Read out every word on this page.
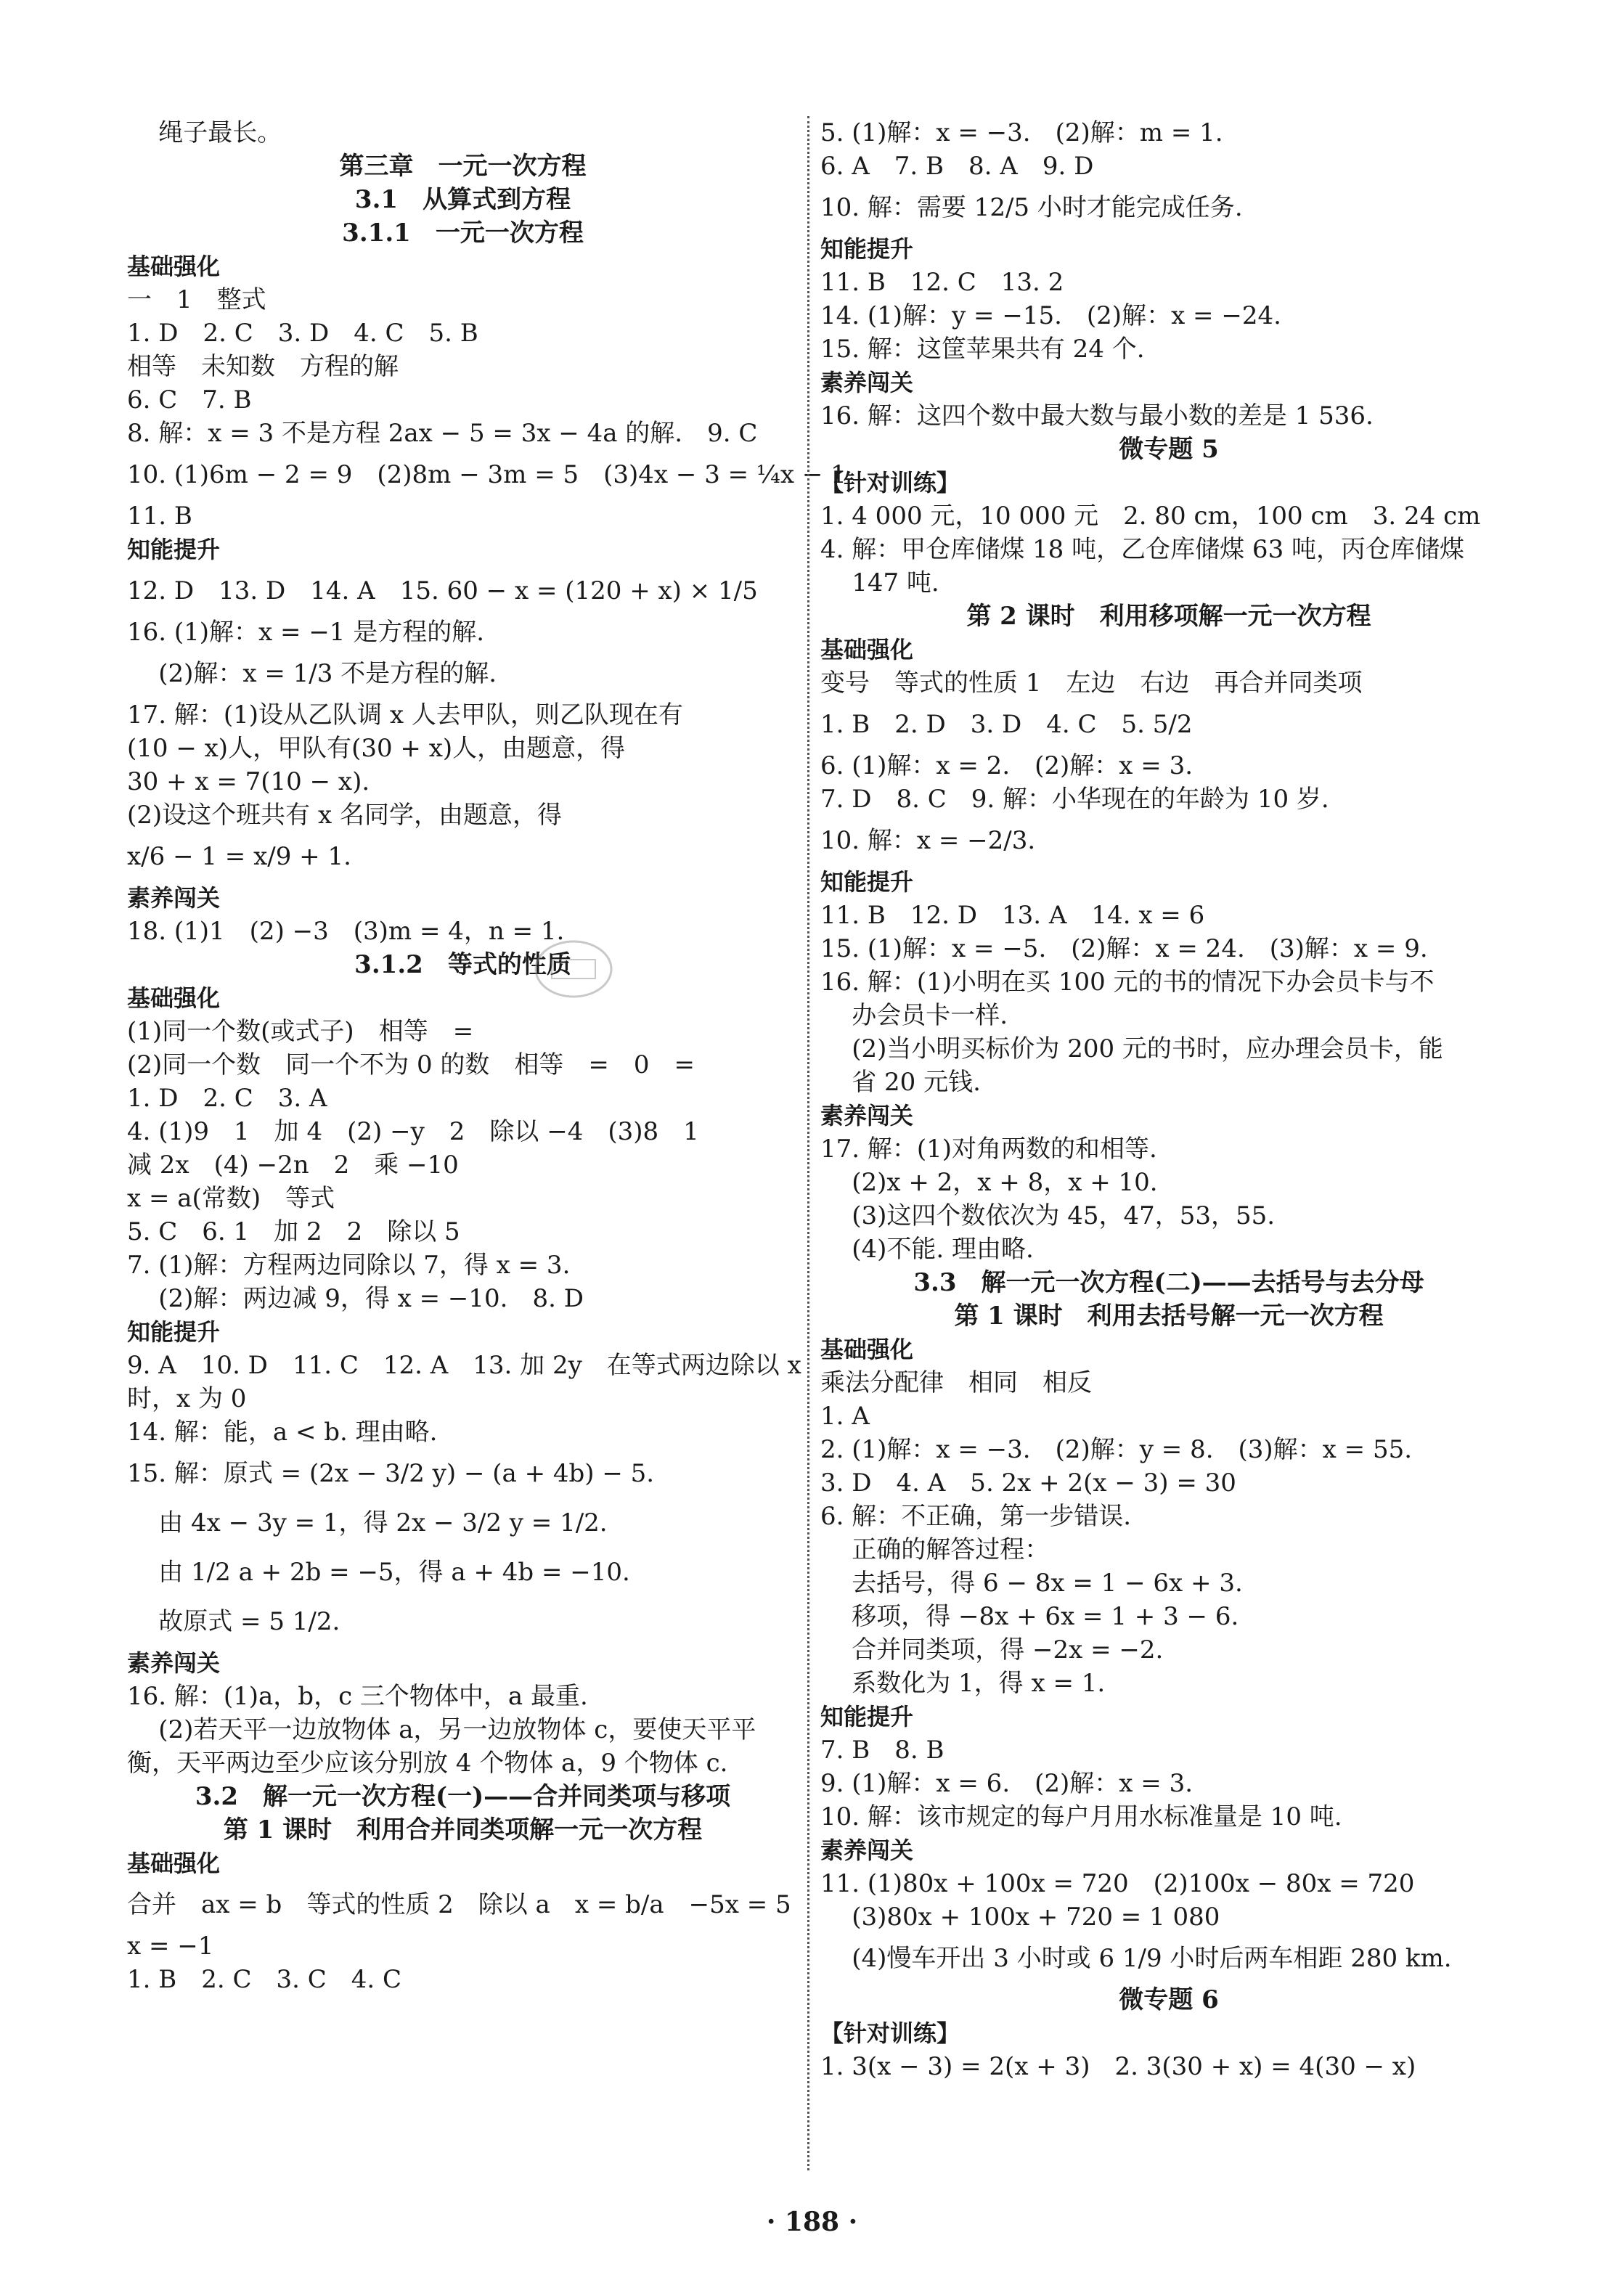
绳子最长。
第三章　一元一次方程
3.1　从算式到方程
3.1.1　一元一次方程
基础强化
一　1　整式
1. D　2. C　3. D　4. C　5. B
相等　未知数　方程的解
6. C　7. B
8. 解：x = 3 不是方程 2ax − 5 = 3x − 4a 的解.　9. C
10. (1)6m − 2 = 9　(2)8m − 3m = 5　(3)4x − 3 = ¼x − 1
11. B
知能提升
12. D　13. D　14. A　15. 60 − x = (120 + x) × 1/5
16. (1)解：x = −1 是方程的解.
(2)解：x = 1/3 不是方程的解.
17. 解：(1)设从乙队调 x 人去甲队，则乙队现在有
(10 − x)人，甲队有(30 + x)人，由题意，得
30 + x = 7(10 − x).
(2)设这个班共有 x 名同学，由题意，得
x/6 − 1 = x/9 + 1.
素养闯关
18. (1)1　(2) −3　(3)m = 4，n = 1.
3.1.2　等式的性质
基础强化
(1)同一个数(或式子)　相等　=
(2)同一个数　同一个不为 0 的数　相等　=　0　=
1. D　2. C　3. A
4. (1)9　1　加 4　(2) −y　2　除以 −4　(3)8　1
减 2x　(4) −2n　2　乘 −10
x = a(常数)　等式
5. C　6. 1　加 2　2　除以 5
7. (1)解：方程两边同除以 7，得 x = 3.
(2)解：两边减 9，得 x = −10.　8. D
知能提升
9. A　10. D　11. C　12. A　13. 加 2y　在等式两边除以 x
时，x 为 0
14. 解：能，a < b. 理由略.
15. 解：原式 = (2x − 3/2 y) − (a + 4b) − 5.
由 4x − 3y = 1，得 2x − 3/2 y = 1/2.
由 1/2 a + 2b = −5，得 a + 4b = −10.
故原式 = 5 1/2.
素养闯关
16. 解：(1)a，b，c 三个物体中，a 最重.
(2)若天平一边放物体 a，另一边放物体 c，要使天平平
衡，天平两边至少应该分别放 4 个物体 a，9 个物体 c.
3.2　解一元一次方程(一)——合并同类项与移项
第 1 课时　利用合并同类项解一元一次方程
基础强化
合并　ax = b　等式的性质 2　除以 a　x = b/a　−5x = 5
x = −1
1. B　2. C　3. C　4. C
5. (1)解：x = −3.　(2)解：m = 1.
6. A　7. B　8. A　9. D
10. 解：需要 12/5 小时才能完成任务.
知能提升
11. B　12. C　13. 2
14. (1)解：y = −15.　(2)解：x = −24.
15. 解：这筐苹果共有 24 个.
素养闯关
16. 解：这四个数中最大数与最小数的差是 1 536.
微专题 5
【针对训练】
1. 4 000 元，10 000 元　2. 80 cm，100 cm　3. 24 cm
4. 解：甲仓库储煤 18 吨，乙仓库储煤 63 吨，丙仓库储煤
147 吨.
第 2 课时　利用移项解一元一次方程
基础强化
变号　等式的性质 1　左边　右边　再合并同类项
1. B　2. D　3. D　4. C　5. 5/2
6. (1)解：x = 2.　(2)解：x = 3.
7. D　8. C　9. 解：小华现在的年龄为 10 岁.
10. 解：x = −2/3.
知能提升
11. B　12. D　13. A　14. x = 6
15. (1)解：x = −5.　(2)解：x = 24.　(3)解：x = 9.
16. 解：(1)小明在买 100 元的书的情况下办会员卡与不
办会员卡一样.
(2)当小明买标价为 200 元的书时，应办理会员卡，能
省 20 元钱.
素养闯关
17. 解：(1)对角两数的和相等.
(2)x + 2，x + 8，x + 10.
(3)这四个数依次为 45，47，53，55.
(4)不能. 理由略.
3.3　解一元一次方程(二)——去括号与去分母
第 1 课时　利用去括号解一元一次方程
基础强化
乘法分配律　相同　相反
1. A
2. (1)解：x = −3.　(2)解：y = 8.　(3)解：x = 55.
3. D　4. A　5. 2x + 2(x − 3) = 30
6. 解：不正确，第一步错误.
正确的解答过程：
去括号，得 6 − 8x = 1 − 6x + 3.
移项，得 −8x + 6x = 1 + 3 − 6.
合并同类项，得 −2x = −2.
系数化为 1，得 x = 1.
知能提升
7. B　8. B
9. (1)解：x = 6.　(2)解：x = 3.
10. 解：该市规定的每户月用水标准量是 10 吨.
素养闯关
11. (1)80x + 100x = 720　(2)100x − 80x = 720
(3)80x + 100x + 720 = 1 080
(4)慢车开出 3 小时或 6 1/9 小时后两车相距 280 km.
微专题 6
【针对训练】
1. 3(x − 3) = 2(x + 3)　2. 3(30 + x) = 4(30 − x)
· 188 ·
